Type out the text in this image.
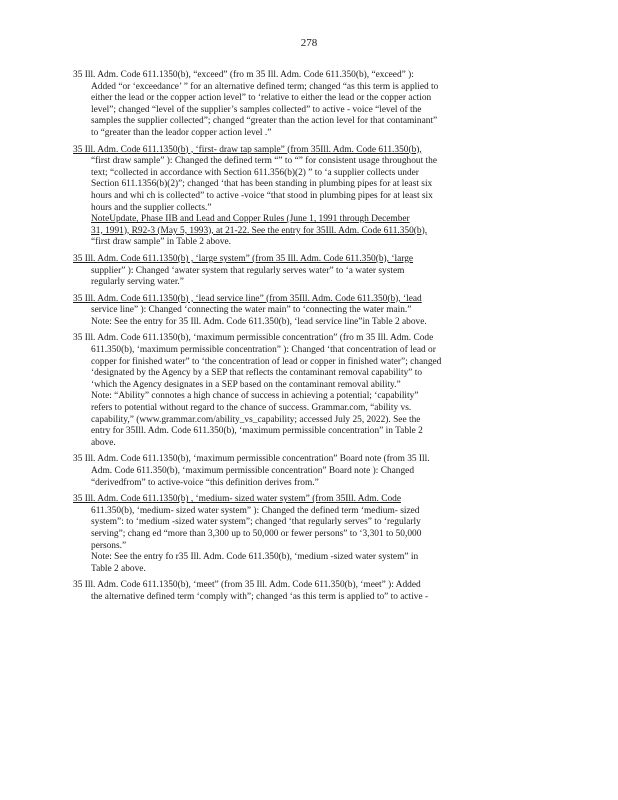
278
35 Ill. Adm. Code 611.1350(b), “exceed” (fro m 35 Ill. Adm. Code 611.350(b), “exceed” ):
Added “or ‘exceedance’ ” for an alternative defined term; changed “as this term is applied to
either the lead or the copper action level” to ‘relative to either the lead or the copper action
level”; changed “level of the supplier’s samples collected” to active - voice “level of the
samples the supplier collected”; changed “greater than the action level for that contaminant”
to “greater than the leador copper action level .”
35 Ill. Adm. Code 611.1350(b) , ‘first- draw tap sample” (from 35Ill. Adm. Code 611.350(b),
“first draw sample” ): Changed the defined term “” to “” for consistent usage throughout the
text; “collected in accordance with Section 611.356(b)(2) ” to ‘a supplier collects under
Section 611.1356(b)(2)”; changed ‘that has been standing in plumbing pipes for at least six
hours and whi ch is collected” to active -voice “that stood in plumbing pipes for at least six
hours and the supplier collects.”
NoteUpdate, Phase IIB and Lead and Copper Rules (June 1, 1991 through December
31, 1991), R92-3 (May 5, 1993), at 21-22. See the entry for 35Ill. Adm. Code 611.350(b),
“first draw sample” in Table 2 above.
35 Ill. Adm. Code 611.1350(b) , ‘large system” (from 35 Ill. Adm. Code 611.350(b), ‘large
supplier” ): Changed ‘awater system that regularly serves water” to ‘a water system
regularly serving water.”
35 Ill. Adm. Code 611.1350(b) , ‘lead service line” (from 35Ill. Adm. Code 611.350(b), ‘lead
service line” ): Changed ‘connecting the water main” to ‘connecting the water main.”
Note: See the entry for 35 Ill. Adm. Code 611.350(b), ‘lead service line”in Table 2 above.
35 Ill. Adm. Code 611.1350(b), ‘maximum permissible concentration” (fro m 35 Ill. Adm. Code
611.350(b), ‘maximum permissible concentration” ): Changed ‘that concentration of lead or
copper for finished water” to ‘the concentration of lead or copper in finished water”; changed
‘designated by the Agency by a SEP that reflects the contaminant removal capability” to
‘which the Agency designates in a SEP based on the contaminant removal ability.”
Note: “Ability” connotes a high chance of success in achieving a potential; ‘capability”
refers to potential without regard to the chance of success. Grammar.com, “ability vs.
capability,” (www.grammar.com/ability_vs_capability; accessed July 25, 2022). See the
entry for 35Ill. Adm. Code 611.350(b), ‘maximum permissible concentration” in Table 2
above.
35 Ill. Adm. Code 611.1350(b), ‘maximum permissible concentration” Board note (from 35 Ill.
Adm. Code 611.350(b), ‘maximum permissible concentration” Board note ): Changed
“derivedfrom” to active-voice “this definition derives from.”
35 Ill. Adm. Code 611.1350(b) , ‘medium- sized water system” (from 35Ill. Adm. Code
611.350(b), ‘medium- sized water system” ): Changed the defined term ‘medium- sized
system”: to ‘medium -sized water system”; changed ‘that regularly serves” to ‘regularly
serving”; chang ed “more than 3,300 up to 50,000 or fewer persons” to ‘3,301 to 50,000
persons.”
Note: See the entry fo r35 Ill. Adm. Code 611.350(b), ‘medium -sized water system” in
Table 2 above.
35 Ill. Adm. Code 611.1350(b), ‘meet” (from 35 Ill. Adm. Code 611.350(b), ‘meet” ): Added
the alternative defined term ‘comply with”; changed ‘as this term is applied to” to active -
